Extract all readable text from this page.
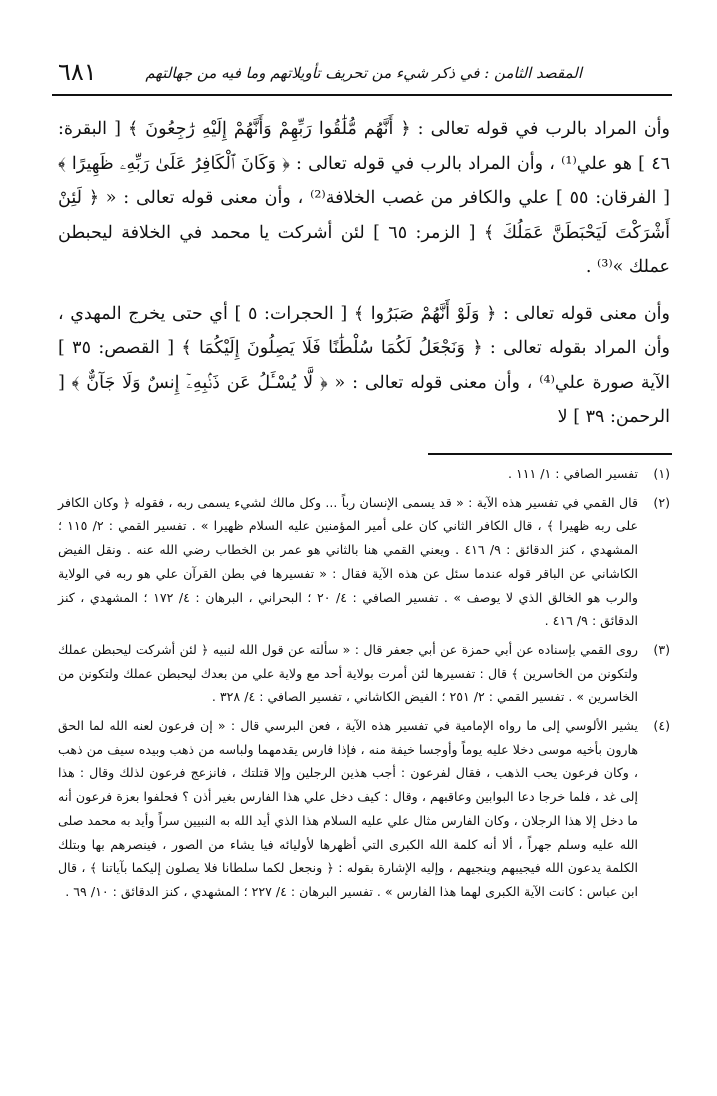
المقصد الثامن : في ذكر شيء من تحريف تأويلاتهم وما فيه من جهالتهم
٦٨١

وأن المراد بالرب في قوله تعالى : ﴿ أَنَّهُم مُّلَٰقُوا رَبِّهِمْ وَأَنَّهُمْ إِلَيْهِ رَٰجِعُونَ ﴾ [ البقرة: ٤٦ ] هو علي⁽¹⁾ ، وأن المراد بالرب في قوله تعالى : ﴿ وَكَانَ ٱلْكَافِرُ عَلَىٰ رَبِّهِۦ ظَهِيرًا ﴾ [ الفرقان: ٥٥ ] علي والكافر من غصب الخلافة⁽²⁾ ، وأن معنى قوله تعالى : « ﴿ لَئِنْ أَشْرَكْتَ لَيَحْبَطَنَّ عَمَلُكَ ﴾ [ الزمر: ٦٥ ] لئن أشركت يا محمد في الخلافة ليحبطن عملك »⁽³⁾ .

وأن معنى قوله تعالى : ﴿ وَلَوْ أَنَّهُمْ صَبَرُوا ﴾ [ الحجرات: ٥ ] أي حتى يخرج المهدي ، وأن المراد بقوله تعالى : ﴿ وَنَجْعَلُ لَكُمَا سُلْطَٰنًا فَلَا يَصِلُونَ إِلَيْكُمَا ﴾ [ القصص: ٣٥ ] الآية صورة علي⁽⁴⁾ ، وأن معنى قوله تعالى : « ﴿ لَّا يُسْـَٔلُ عَن ذَنۢبِهِۦٓ إِنسٌ وَلَا جَآنٌّ ﴾ [ الرحمن: ٣٩ ] لا

(١)
تفسير الصافي : ١/ ١١١ .
(٢)
قال القمي في تفسير هذه الآية : « قد يسمى الإنسان رباً ... وكل مالك لشيء يسمى ربه ، فقوله ﴿ وكان الكافر على ربه ظهيرا ﴾ ، قال الكافر الثاني كان على أمير المؤمنين عليه السلام ظهيرا » . تفسير القمي : ٢/ ١١٥ ؛ المشهدي ، كنز الدقائق : ٩/ ٤١٦ . ويعني القمي هنا بالثاني هو عمر بن الخطاب رضي الله عنه . ونقل الفيض الكاشاني عن الباقر قوله عندما سئل عن هذه الآية فقال : « تفسيرها في بطن القرآن علي هو ربه في الولاية والرب هو الخالق الذي لا يوصف » . تفسير الصافي : ٤/ ٢٠ ؛ البحراني ، البرهان : ٤/ ١٧٢ ؛ المشهدي ، كنز الدقائق : ٩/ ٤١٦ .
(٣)
روى القمي بإسناده عن أبي حمزة عن أبي جعفر قال : « سألته عن قول الله لنبيه ﴿ لئن أشركت ليحبطن عملك ولتكونن من الخاسرين ﴾ قال : تفسيرها لئن أمرت بولاية أحد مع ولاية علي من بعدك ليحبطن عملك ولتكونن من الخاسرين » . تفسير القمي : ٢/ ٢٥١ ؛ الفيض الكاشاني ، تفسير الصافي : ٤/ ٣٢٨ .
(٤)
يشير الألوسي إلى ما رواه الإمامية في تفسير هذه الآية ، فعن البرسي قال : « إن فرعون لعنه الله لما الحق هارون بأخيه موسى دخلا عليه يوماً وأوجسا خيفة منه ، فإذا فارس يقدمهما ولباسه من ذهب وبيده سيف من ذهب ، وكان فرعون يحب الذهب ، فقال لفرعون : أجب هذين الرجلين وإلا قتلتك ، فانزعج فرعون لذلك وقال : هذا إلى غد ، فلما خرجا دعا البوابين وعاقبهم ، وقال : كيف دخل علي هذا الفارس بغير أذن ؟ فحلفوا بعزة فرعون أنه ما دخل إلا هذا الرجلان ، وكان الفارس مثال علي عليه السلام هذا الذي أيد الله به النبيين سراً وأيد به محمد صلى الله عليه وسلم جهراً ، ألا أنه كلمة الله الكبرى التي أظهرها لأوليائه فيا يشاء من الصور ، فينصرهم بها وبتلك الكلمة يدعون الله فيجيبهم وينجيهم ، وإليه الإشارة بقوله : ﴿ ونجعل لكما سلطانا فلا يصلون إليكما بآياتنا ﴾ ، قال ابن عباس : كانت الآية الكبرى لهما هذا الفارس » . تفسير البرهان : ٤/ ٢٢٧ ؛ المشهدي ، كنز الدقائق : ١٠/ ٦٩ .
